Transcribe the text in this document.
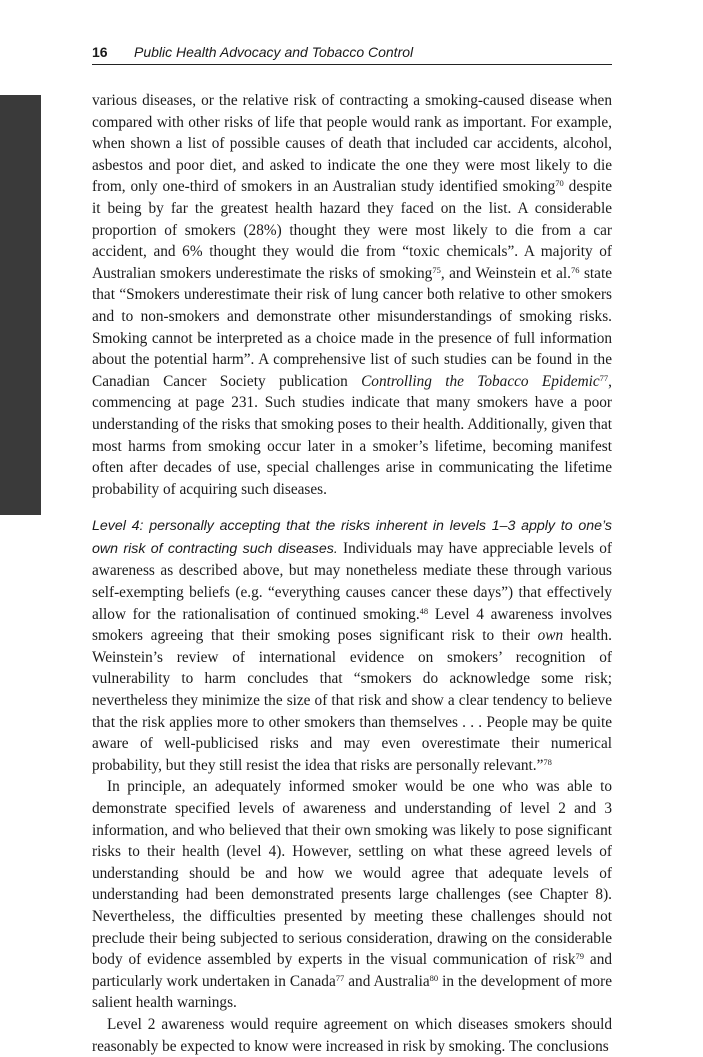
16 Public Health Advocacy and Tobacco Control

various diseases, or the relative risk of contracting a smoking-caused disease when compared with other risks of life that people would rank as important. For example, when shown a list of possible causes of death that included car accidents, alcohol, asbestos and poor diet, and asked to indicate the one they were most likely to die from, only one-third of smokers in an Australian study identified smoking$^{70}$ despite it being by far the greatest health hazard they faced on the list. A considerable proportion of smokers (28%) thought they were most likely to die from a car accident, and 6% thought they would die from “toxic chemicals”. A majority of Australian smokers underestimate the risks of smoking$^{75}$, and Weinstein et al.$^{76}$ state that “Smokers underestimate their risk of lung cancer both relative to other smokers and to non-smokers and demonstrate other misunderstandings of smoking risks. Smoking cannot be interpreted as a choice made in the presence of full information about the potential harm”. A comprehensive list of such studies can be found in the Canadian Cancer Society publication Controlling the Tobacco Epidemic$^{77}$, commencing at page 231. Such studies indicate that many smokers have a poor understanding of the risks that smoking poses to their health. Additionally, given that most harms from smoking occur later in a smoker’s lifetime, becoming manifest often after decades of use, special challenges arise in communicating the lifetime probability of acquiring such diseases.

Level 4: personally accepting that the risks inherent in levels 1–3 apply to one’s own risk of contracting such diseases. Individuals may have appreciable levels of awareness as described above, but may nonetheless mediate these through various self-exempting beliefs (e.g. “everything causes cancer these days”) that effectively allow for the rationalisation of continued smoking.$^{48}$ Level 4 awareness involves smokers agreeing that their smoking poses significant risk to their own health. Weinstein’s review of international evidence on smokers’ recognition of vulnerability to harm concludes that “smokers do acknowledge some risk; nevertheless they minimize the size of that risk and show a clear tendency to believe that the risk applies more to other smokers than themselves . . . People may be quite aware of well-publicised risks and may even overestimate their numerical probability, but they still resist the idea that risks are personally relevant.”$^{78}$

In principle, an adequately informed smoker would be one who was able to demonstrate specified levels of awareness and understanding of level 2 and 3 information, and who believed that their own smoking was likely to pose significant risks to their health (level 4). However, settling on what these agreed levels of understanding should be and how we would agree that adequate levels of understanding had been demonstrated presents large challenges (see Chapter 8). Nevertheless, the difficulties presented by meeting these challenges should not preclude their being subjected to serious consideration, drawing on the considerable body of evidence assembled by experts in the visual communication of risk$^{79}$ and particularly work undertaken in Canada$^{77}$ and Australia$^{80}$ in the development of more salient health warnings.

Level 2 awareness would require agreement on which diseases smokers should reasonably be expected to know were increased in risk by smoking. The conclusions
